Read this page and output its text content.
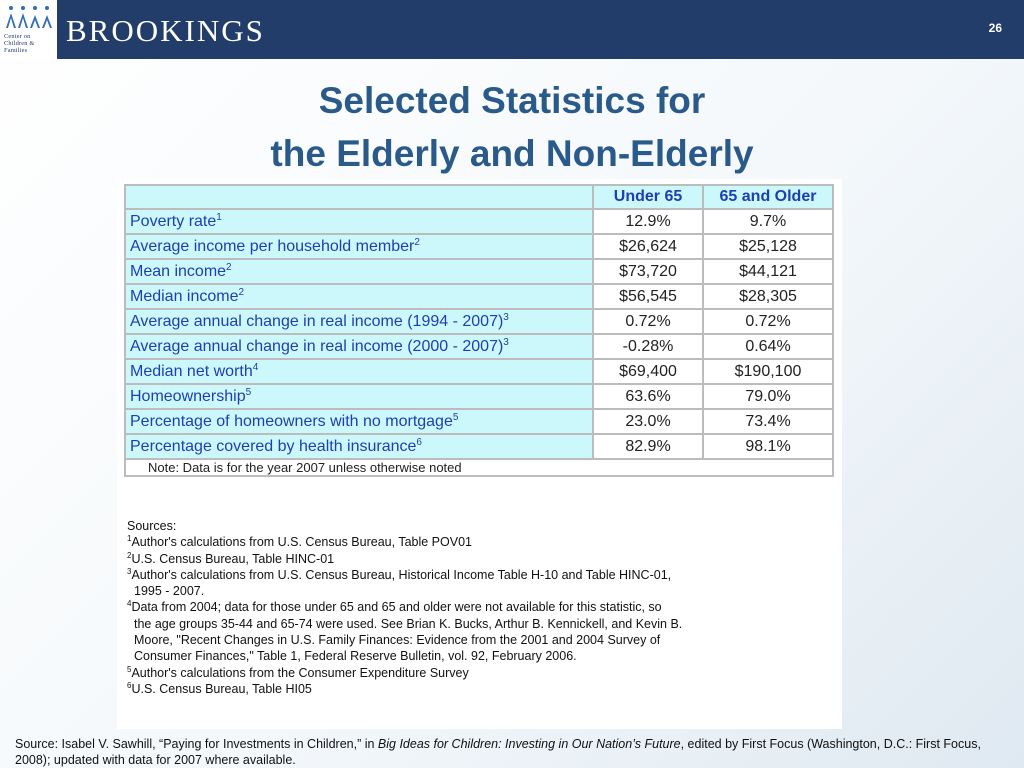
Center on
Children &
Families
BROOKINGS	26
Selected Statistics for
the Elderly and Non-Elderly
	Under 65	65 and Older
Poverty rate$^1$	12.9%	9.7%
Average income per household member$^2$	$26,624	$25,128
Mean income$^2$	$73,720	$44,121
Median income$^2$	$56,545	$28,305
Average annual change in real income (1994 - 2007)$^3$	0.72%	0.72%
Average annual change in real income (2000 - 2007)$^3$	-0.28%	0.64%
Median net worth$^4$	$69,400	$190,100
Homeownership$^5$	63.6%	79.0%
Percentage of homeowners with no mortgage$^5$	23.0%	73.4%
Percentage covered by health insurance$^6$	82.9%	98.1%
Note: Data is for the year 2007 unless otherwise noted		
Sources:
$^1$Author's calculations from U.S. Census Bureau, Table POV01
$^2$U.S. Census Bureau, Table HINC-01
$^3$Author's calculations from U.S. Census Bureau, Historical Income Table H-10 and Table HINC-01,
1995 - 2007.
$^4$Data from 2004; data for those under 65 and 65 and older were not available for this statistic, so
the age groups 35-44 and 65-74 were used. See Brian K. Bucks, Arthur B. Kennickell, and Kevin B.
Moore, "Recent Changes in U.S. Family Finances: Evidence from the 2001 and 2004 Survey of
Consumer Finances," Table 1, Federal Reserve Bulletin, vol. 92, February 2006.
$^5$Author's calculations from the Consumer Expenditure Survey
$^6$U.S. Census Bureau, Table HI05
Source: Isabel V. Sawhill, “Paying for Investments in Children,” in Big Ideas for Children: Investing in Our Nation’s Future, edited by First Focus (Washington, D.C.: First Focus, 2008); updated with data for 2007 where available.
